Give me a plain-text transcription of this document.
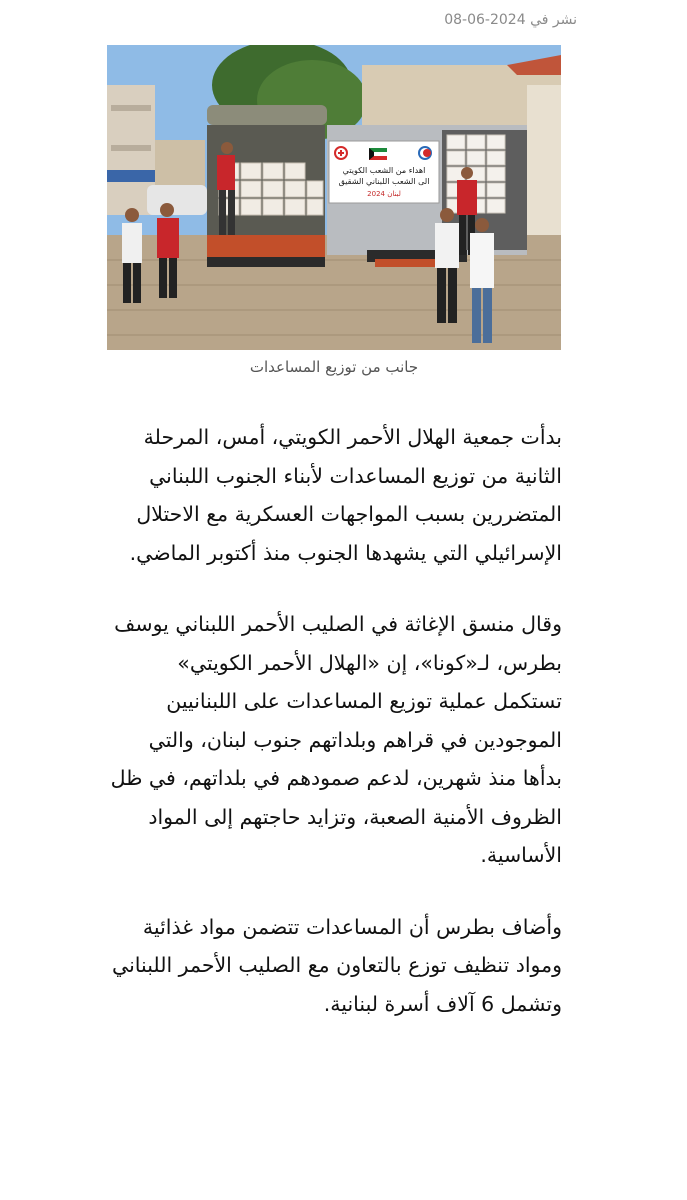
نشر في 2024-06-08
اهداء من الشعب الكويتي
الى الشعب اللبناني الشقيق
لبنان 2024
جانب من توزيع المساعدات

بدأت جمعية الهلال الأحمر الكويتي، أمس، المرحلة الثانية من توزيع المساعدات لأبناء الجنوب اللبناني المتضررين بسبب المواجهات العسكرية مع الاحتلال الإسرائيلي التي يشهدها الجنوب منذ أكتوبر الماضي.

وقال منسق الإغاثة في الصليب الأحمر اللبناني يوسف بطرس، لـ«كونا»، إن «الهلال الأحمر الكويتي» تستكمل عملية توزيع المساعدات على اللبنانيين الموجودين في قراهم وبلداتهم جنوب لبنان، والتي بدأها منذ شهرين، لدعم صمودهم في بلداتهم، في ظل الظروف الأمنية الصعبة، وتزايد حاجتهم إلى المواد الأساسية.

وأضاف بطرس أن المساعدات تتضمن مواد غذائية ومواد تنظيف توزع بالتعاون مع الصليب الأحمر اللبناني وتشمل 6 آلاف أسرة لبنانية.
